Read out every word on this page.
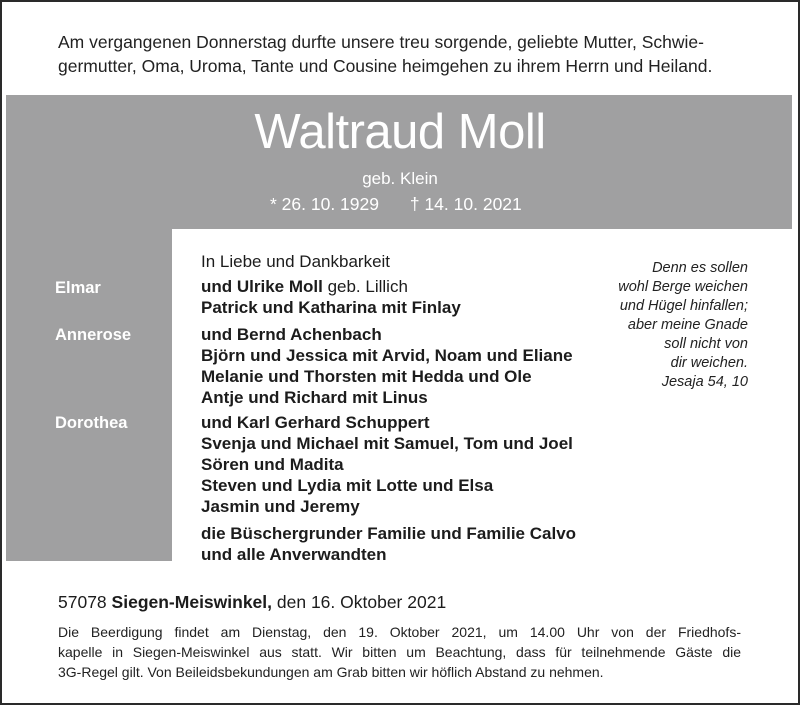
Am vergangenen Donnerstag durfte unsere treu sorgende, geliebte Mutter, Schwie-
germutter, Oma, Uroma, Tante und Cousine heimgehen zu ihrem Herrn und Heiland.
Waltraud Moll
geb. Klein
* 26. 10. 1929 † 14. 10. 2021
In Liebe und Dankbarkeit
Elmar	und Ulrike Moll geb. Lillich
Patrick und Katharina mit Finlay
Annerose	und Bernd Achenbach
Björn und Jessica mit Arvid, Noam und Eliane
Melanie und Thorsten mit Hedda und Ole
Antje und Richard mit Linus
Dorothea	und Karl Gerhard Schuppert
Svenja und Michael mit Samuel, Tom und Joel
Sören und Madita
Steven und Lydia mit Lotte und Elsa
Jasmin und Jeremy
die Büschergrunder Familie und Familie Calvo
und alle Anverwandten
Denn es sollen
wohl Berge weichen
und Hügel hinfallen;
aber meine Gnade
soll nicht von
dir weichen.
Jesaja 54, 10
57078 Siegen-Meiswinkel, den 16. Oktober 2021
Die Beerdigung findet am Dienstag, den 19. Oktober 2021, um 14.00 Uhr von der Friedhofs-
kapelle in Siegen-Meiswinkel aus statt. Wir bitten um Beachtung, dass für teilnehmende Gäste die
3G-Regel gilt. Von Beileidsbekundungen am Grab bitten wir höflich Abstand zu nehmen.
